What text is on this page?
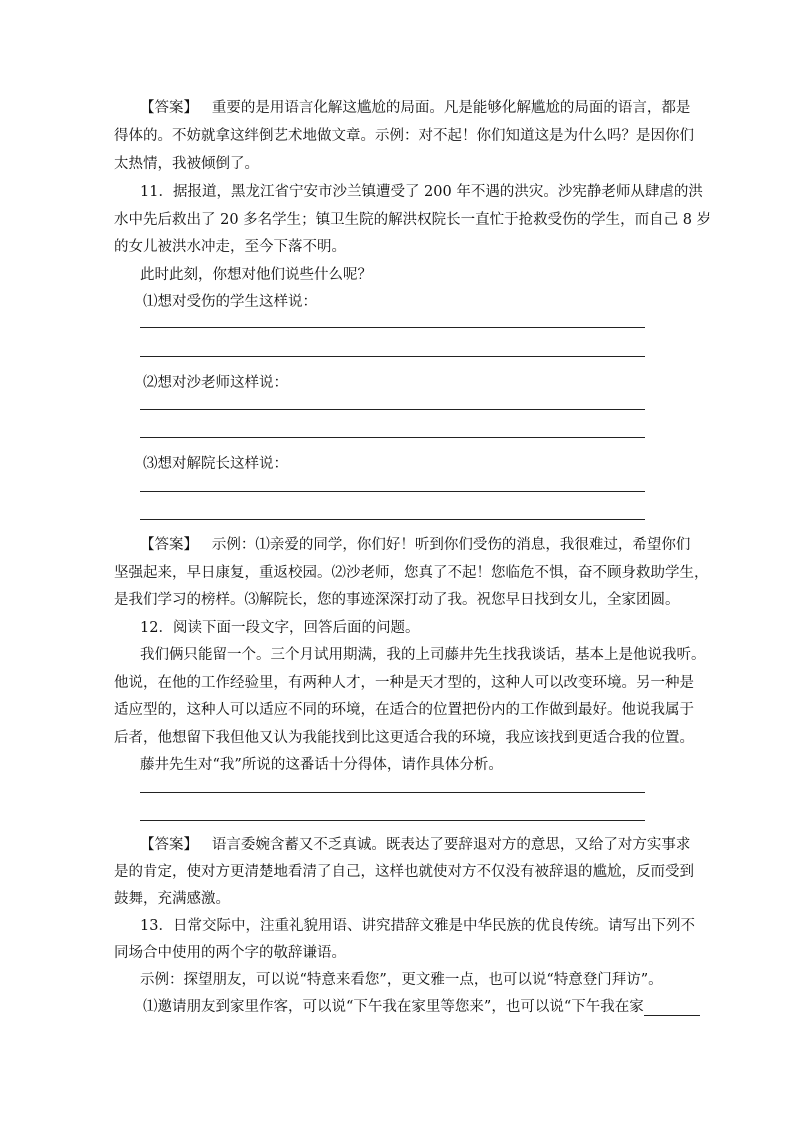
【答案】 重要的是用语言化解这尴尬的局面。凡是能够化解尴尬的局面的语言，都是
得体的。不妨就拿这绊倒艺术地做文章。示例：对不起！你们知道这是为什么吗？是因你们
太热情，我被倾倒了。
11．据报道，黑龙江省宁安市沙兰镇遭受了 200 年不遇的洪灾。沙宪静老师从肆虐的洪
水中先后救出了 20 多名学生；镇卫生院的解洪权院长一直忙于抢救受伤的学生，而自己 8 岁
的女儿被洪水冲走，至今下落不明。
此时此刻，你想对他们说些什么呢？
⑴想对受伤的学生这样说：
⑵想对沙老师这样说：
⑶想对解院长这样说：
【答案】 示例：⑴亲爱的同学，你们好！听到你们受伤的消息，我很难过，希望你们
坚强起来，早日康复，重返校园。⑵沙老师，您真了不起！您临危不惧，奋不顾身救助学生，
是我们学习的榜样。⑶解院长，您的事迹深深打动了我。祝您早日找到女儿，全家团圆。
12．阅读下面一段文字，回答后面的问题。
我们俩只能留一个。三个月试用期满，我的上司藤井先生找我谈话，基本上是他说我听。
他说，在他的工作经验里，有两种人才，一种是天才型的，这种人可以改变环境。另一种是
适应型的，这种人可以适应不同的环境，在适合的位置把份内的工作做到最好。他说我属于
后者，他想留下我但他又认为我能找到比这更适合我的环境，我应该找到更适合我的位置。
藤井先生对“我”所说的这番话十分得体，请作具体分析。
【答案】 语言委婉含蓄又不乏真诚。既表达了要辞退对方的意思，又给了对方实事求
是的肯定，使对方更清楚地看清了自己，这样也就使对方不仅没有被辞退的尴尬，反而受到
鼓舞，充满感激。
13．日常交际中，注重礼貌用语、讲究措辞文雅是中华民族的优良传统。请写出下列不
同场合中使用的两个字的敬辞谦语。
示例：探望朋友，可以说“特意来看您”，更文雅一点，也可以说“特意登门拜访”。
⑴邀请朋友到家里作客，可以说“下午我在家里等您来”，也可以说“下午我在家
